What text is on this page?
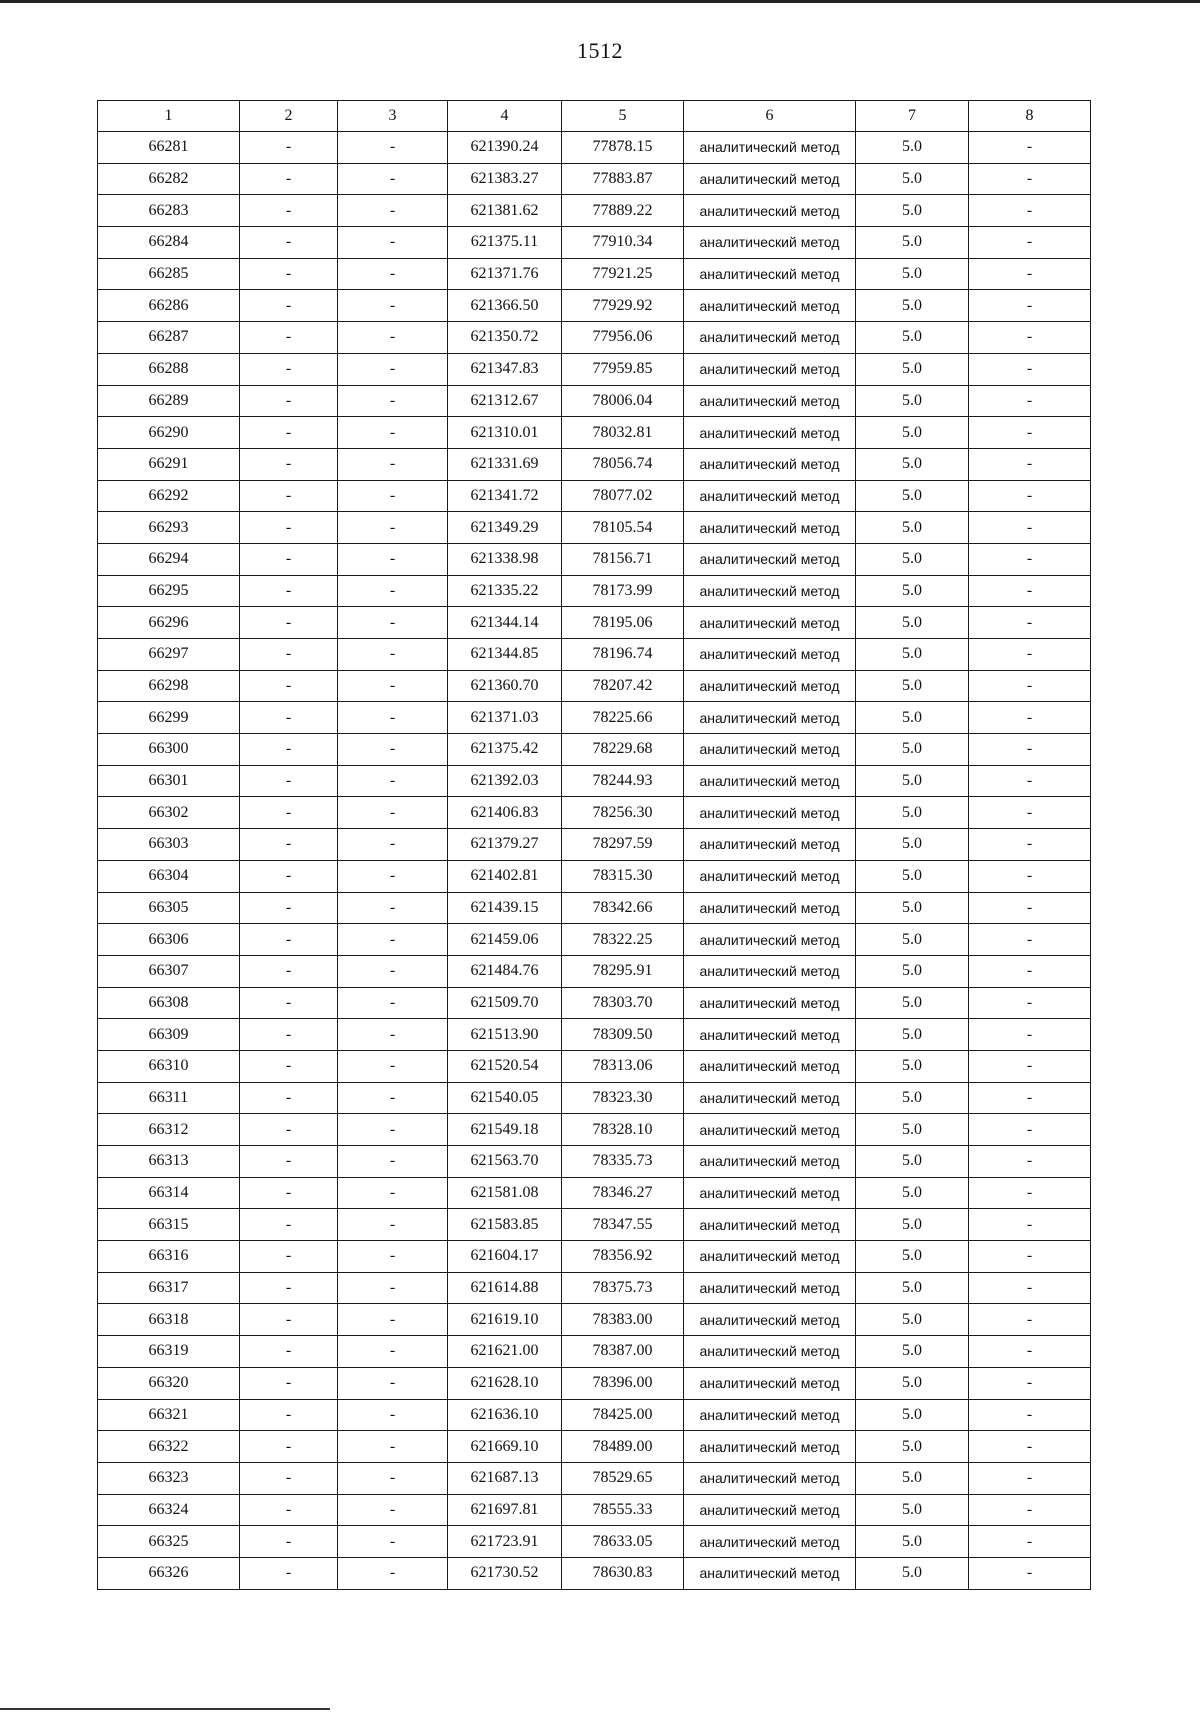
1512
1	2	3	4	5	6	7	8
66281	-	-	621390.24	77878.15	аналитический метод	5.0	-
66282	-	-	621383.27	77883.87	аналитический метод	5.0	-
66283	-	-	621381.62	77889.22	аналитический метод	5.0	-
66284	-	-	621375.11	77910.34	аналитический метод	5.0	-
66285	-	-	621371.76	77921.25	аналитический метод	5.0	-
66286	-	-	621366.50	77929.92	аналитический метод	5.0	-
66287	-	-	621350.72	77956.06	аналитический метод	5.0	-
66288	-	-	621347.83	77959.85	аналитический метод	5.0	-
66289	-	-	621312.67	78006.04	аналитический метод	5.0	-
66290	-	-	621310.01	78032.81	аналитический метод	5.0	-
66291	-	-	621331.69	78056.74	аналитический метод	5.0	-
66292	-	-	621341.72	78077.02	аналитический метод	5.0	-
66293	-	-	621349.29	78105.54	аналитический метод	5.0	-
66294	-	-	621338.98	78156.71	аналитический метод	5.0	-
66295	-	-	621335.22	78173.99	аналитический метод	5.0	-
66296	-	-	621344.14	78195.06	аналитический метод	5.0	-
66297	-	-	621344.85	78196.74	аналитический метод	5.0	-
66298	-	-	621360.70	78207.42	аналитический метод	5.0	-
66299	-	-	621371.03	78225.66	аналитический метод	5.0	-
66300	-	-	621375.42	78229.68	аналитический метод	5.0	-
66301	-	-	621392.03	78244.93	аналитический метод	5.0	-
66302	-	-	621406.83	78256.30	аналитический метод	5.0	-
66303	-	-	621379.27	78297.59	аналитический метод	5.0	-
66304	-	-	621402.81	78315.30	аналитический метод	5.0	-
66305	-	-	621439.15	78342.66	аналитический метод	5.0	-
66306	-	-	621459.06	78322.25	аналитический метод	5.0	-
66307	-	-	621484.76	78295.91	аналитический метод	5.0	-
66308	-	-	621509.70	78303.70	аналитический метод	5.0	-
66309	-	-	621513.90	78309.50	аналитический метод	5.0	-
66310	-	-	621520.54	78313.06	аналитический метод	5.0	-
66311	-	-	621540.05	78323.30	аналитический метод	5.0	-
66312	-	-	621549.18	78328.10	аналитический метод	5.0	-
66313	-	-	621563.70	78335.73	аналитический метод	5.0	-
66314	-	-	621581.08	78346.27	аналитический метод	5.0	-
66315	-	-	621583.85	78347.55	аналитический метод	5.0	-
66316	-	-	621604.17	78356.92	аналитический метод	5.0	-
66317	-	-	621614.88	78375.73	аналитический метод	5.0	-
66318	-	-	621619.10	78383.00	аналитический метод	5.0	-
66319	-	-	621621.00	78387.00	аналитический метод	5.0	-
66320	-	-	621628.10	78396.00	аналитический метод	5.0	-
66321	-	-	621636.10	78425.00	аналитический метод	5.0	-
66322	-	-	621669.10	78489.00	аналитический метод	5.0	-
66323	-	-	621687.13	78529.65	аналитический метод	5.0	-
66324	-	-	621697.81	78555.33	аналитический метод	5.0	-
66325	-	-	621723.91	78633.05	аналитический метод	5.0	-
66326	-	-	621730.52	78630.83	аналитический метод	5.0	-
